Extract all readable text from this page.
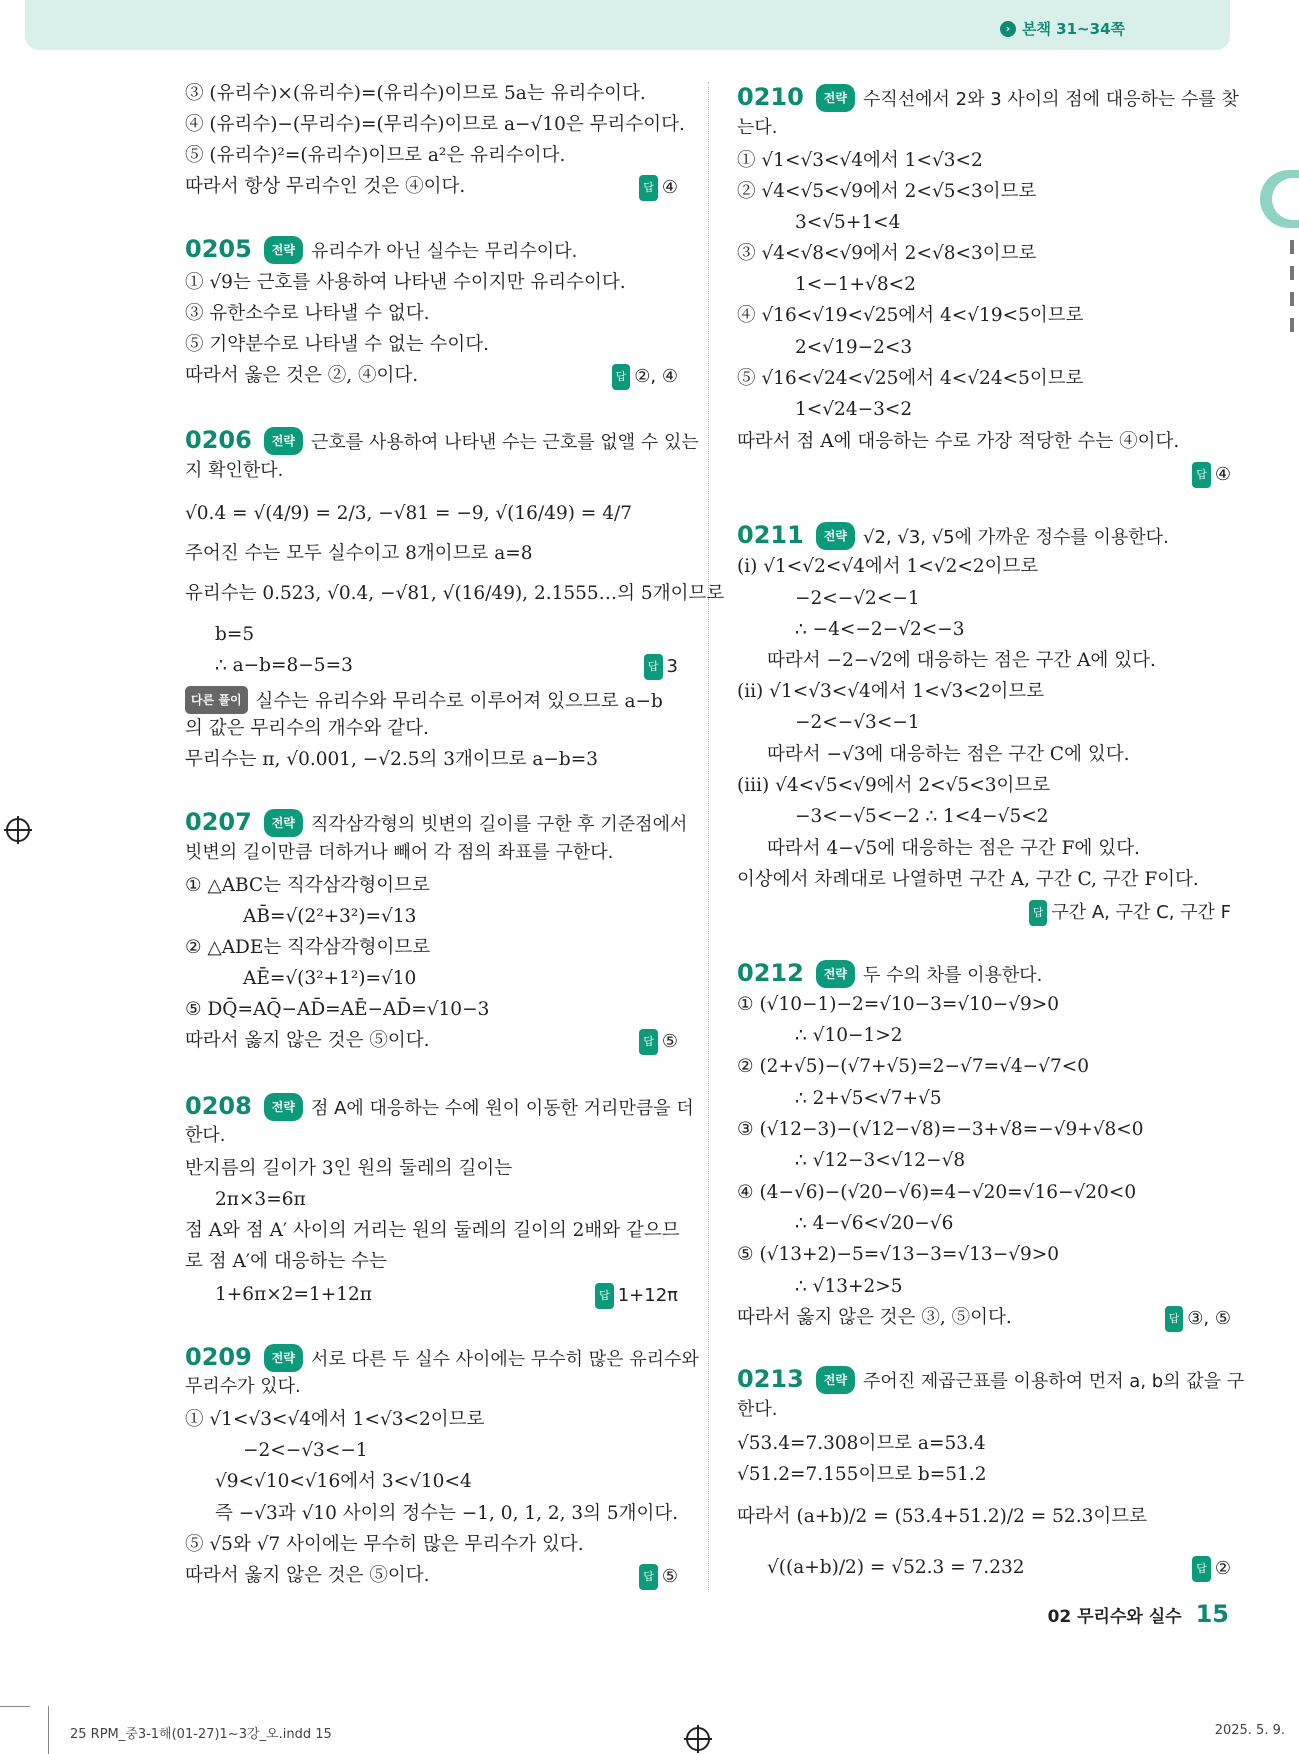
› 본책 31~34쪽
③ (유리수)×(유리수)=(유리수)이므로 5a는 유리수이다.
④ (유리수)−(무리수)=(무리수)이므로 a−√10은 무리수이다.
⑤ (유리수)²=(유리수)이므로 a²은 유리수이다.
따라서 항상 무리수인 것은 ④이다.	답 ④
0205 전략 유리수가 아닌 실수는 무리수이다.
① √9는 근호를 사용하여 나타낸 수이지만 유리수이다.
③ 유한소수로 나타낼 수 없다.
⑤ 기약분수로 나타낼 수 없는 수이다.
따라서 옳은 것은 ②, ④이다.	답 ②, ④
0206 전략 근호를 사용하여 나타낸 수는 근호를 없앨 수 있는
지 확인한다.
√0.4̇ = √(4/9) = 2/3, −√81 = −9, √(16/49) = 4/7
주어진 수는 모두 실수이고 8개이므로 a=8
유리수는 0.523, √0.4̇, −√81, √(16/49), 2.1555…의 5개이므로
b=5
∴ a−b=8−5=3	답 3
다른 풀이 실수는 유리수와 무리수로 이루어져 있으므로 a−b
의 값은 무리수의 개수와 같다.
무리수는 π, √0.001, −√2.5의 3개이므로 a−b=3
0207 전략 직각삼각형의 빗변의 길이를 구한 후 기준점에서
빗변의 길이만큼 더하거나 빼어 각 점의 좌표를 구한다.
① △ABC는 직각삼각형이므로
AB̄=√(2²+3²)=√13
② △ADE는 직각삼각형이므로
AĒ=√(3²+1²)=√10
⑤ DQ̄=AQ̄−AD̄=AĒ−AD̄=√10−3
따라서 옳지 않은 것은 ⑤이다.	답 ⑤
0208 전략 점 A에 대응하는 수에 원이 이동한 거리만큼을 더
한다.
반지름의 길이가 3인 원의 둘레의 길이는
2π×3=6π
점 A와 점 A′ 사이의 거리는 원의 둘레의 길이의 2배와 같으므
로 점 A′에 대응하는 수는
1+6π×2=1+12π	답 1+12π
0209 전략 서로 다른 두 실수 사이에는 무수히 많은 유리수와
무리수가 있다.
① √1<√3<√4에서 1<√3<2이므로
−2<−√3<−1
√9<√10<√16에서 3<√10<4
즉 −√3과 √10 사이의 정수는 −1, 0, 1, 2, 3의 5개이다.
⑤ √5와 √7 사이에는 무수히 많은 무리수가 있다.
따라서 옳지 않은 것은 ⑤이다.	답 ⑤
0210 전략 수직선에서 2와 3 사이의 점에 대응하는 수를 찾
는다.
① √1<√3<√4에서 1<√3<2
② √4<√5<√9에서 2<√5<3이므로
3<√5+1<4
③ √4<√8<√9에서 2<√8<3이므로
1<−1+√8<2
④ √16<√19<√25에서 4<√19<5이므로
2<√19−2<3
⑤ √16<√24<√25에서 4<√24<5이므로
1<√24−3<2
따라서 점 A에 대응하는 수로 가장 적당한 수는 ④이다.
답 ④
0211 전략 √2, √3, √5에 가까운 정수를 이용한다.
(ⅰ) √1<√2<√4에서 1<√2<2이므로
−2<−√2<−1
∴ −4<−2−√2<−3
따라서 −2−√2에 대응하는 점은 구간 A에 있다.
(ⅱ) √1<√3<√4에서 1<√3<2이므로
−2<−√3<−1
따라서 −√3에 대응하는 점은 구간 C에 있다.
(ⅲ) √4<√5<√9에서 2<√5<3이므로
−3<−√5<−2 ∴ 1<4−√5<2
따라서 4−√5에 대응하는 점은 구간 F에 있다.
이상에서 차례대로 나열하면 구간 A, 구간 C, 구간 F이다.
답 구간 A, 구간 C, 구간 F
0212 전략 두 수의 차를 이용한다.
① (√10−1)−2=√10−3=√10−√9>0
∴ √10−1>2
② (2+√5)−(√7+√5)=2−√7=√4−√7<0
∴ 2+√5<√7+√5
③ (√12−3)−(√12−√8)=−3+√8=−√9+√8<0
∴ √12−3<√12−√8
④ (4−√6)−(√20−√6)=4−√20=√16−√20<0
∴ 4−√6<√20−√6
⑤ (√13+2)−5=√13−3=√13−√9>0
∴ √13+2>5
따라서 옳지 않은 것은 ③, ⑤이다.	답 ③, ⑤
0213 전략 주어진 제곱근표를 이용하여 먼저 a, b의 값을 구
한다.
√53.4=7.308이므로 a=53.4
√51.2=7.155이므로 b=51.2
따라서 (a+b)/2 = (53.4+51.2)/2 = 52.3이므로
√((a+b)/2) = √52.3 = 7.232	답 ②
02 무리수와 실수 15
25 RPM_중3-1해(01-27)1~3강_오.indd 15	2025. 5. 9.
